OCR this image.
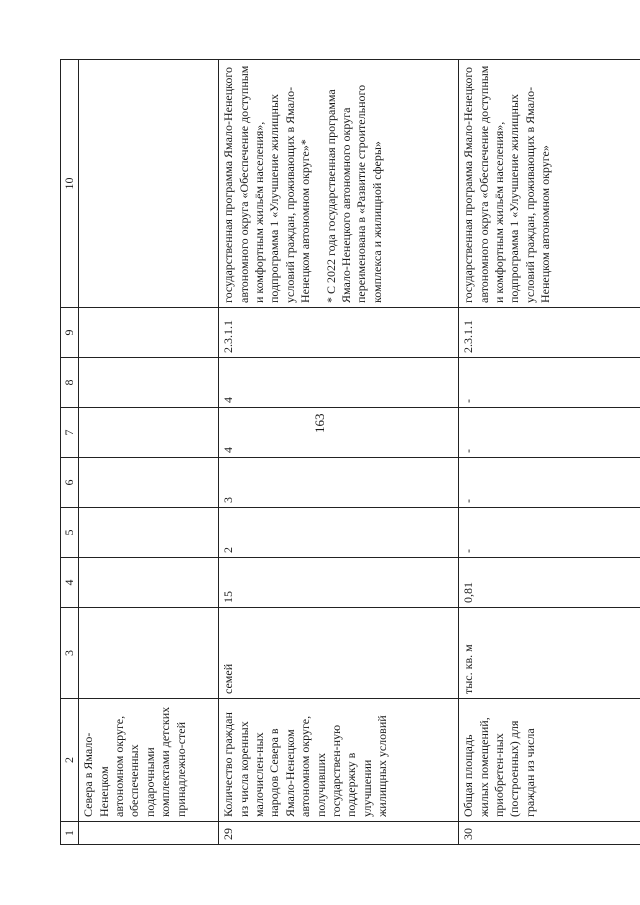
163
1	2	3	4	5	6	7	8	9	10
	Севера в Ямало-Ненецком автономном округе, обеспеченных подарочными комплектами детских принадлежно-стей								

29	Количество граждан из числа коренных малочислен-ных народов Севера в Ямало-Ненецком автономном округе, получивших государствен-ную поддержку в улучшении жилищных условий	семей	15	2	3	4	4	2.3.1.1	государственная программа Ямало-Ненецкого автономного округа «Обеспечение доступным и комфортным жильём населения», подпрограмма 1 «Улучшение жилищных условий граждан, проживающих в Ямало-Ненецком автономном округе»* * С 2022 года государственная программа Ямало-Ненецкого автономного округа переименована в «Развитие строительного комплекса и жилищной сферы»

30	Общая площадь жилых помещений, приобретен-ных (построенных) для граждан из числа	тыс. кв. м	0,81	-	-	-	-	2.3.1.1	государственная программа Ямало-Ненецкого автономного округа «Обеспечение доступным и комфортным жильём населения», подпрограмма 1 «Улучшение жилищных условий граждан, проживающих в Ямало-Ненецком автономном округе»
